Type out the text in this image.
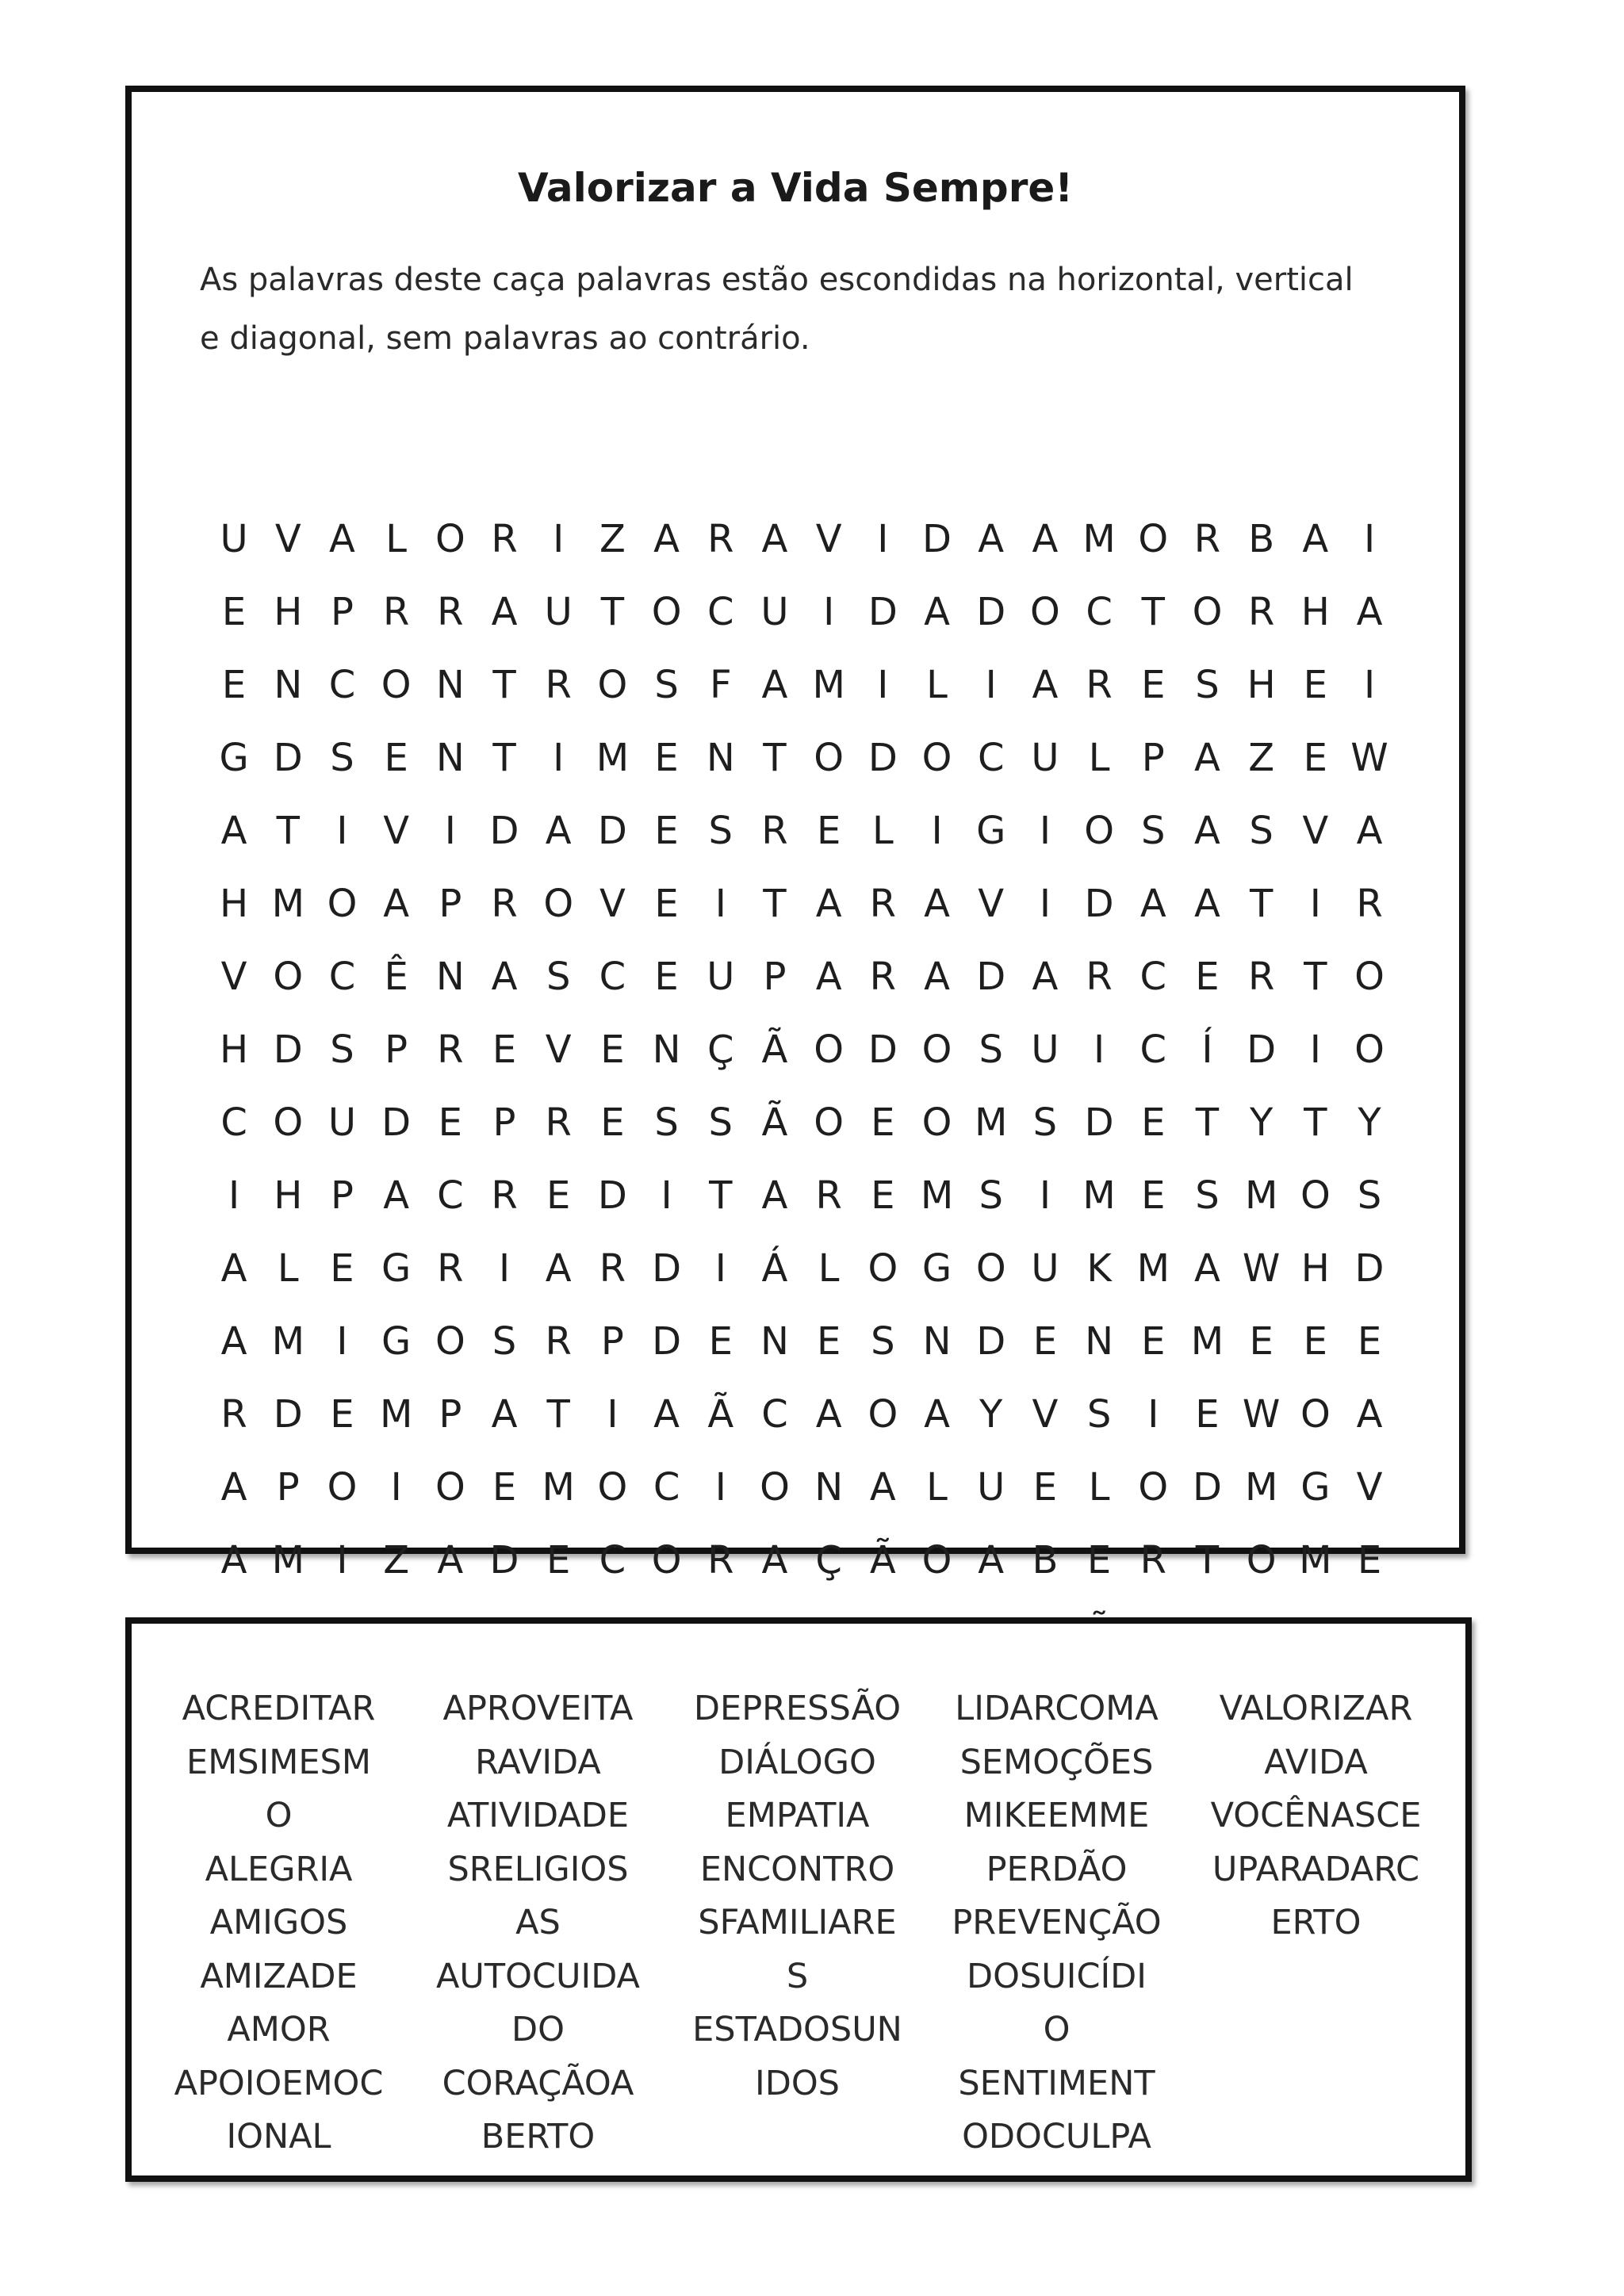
Valorizar a Vida Sempre!
As palavras deste caça palavras estão escondidas na horizontal, vertical e diagonal, sem palavras ao contrário.
U V A L O R I Z A R A V I D A A M O R B A I
E H P R R A U T O C U I D A D O C T O R H A
E N C O N T R O S F A M I L I A R E S H E I
G D S E N T I M E N T O D O C U L P A Z E W
A T I V I D A D E S R E L I G I O S A S V A
H M O A P R O V E I T A R A V I D A A T I R
V O C Ê N A S C E U P A R A D A R C E R T O
H D S P R E V E N Ç Ã O D O S U I C Í D I O
C O U D E P R E S S Ã O E O M S D E T Y T Y
I H P A C R E D I T A R E M S I M E S M O S
A L E G R I A R D I Á L O G O U K M A W H D
A M I G O S R P D E N E S N D E N E M E E E
R D E M P A T I A Ã C A O A Y V S I E W O A
A P O I O E M O C I O N A L U E L O D M G V
A M I Z A D E C O R A Ç Ã O A B E R T O M E
ACREDITAR
EMSIMESM
O
ALEGRIA
AMIGOS
AMIZADE
AMOR
APOIOEMOC
IONAL
APROVEITA
RAVIDA
ATIVIDADE
SRELIGIOS
AS
AUTOCUIDA
DO
CORAÇÃOA
BERTO
DEPRESSÃO
DIÁLOGO
EMPATIA
ENCONTRO
SFAMILIARE
S
ESTADOSUN
IDOS
LIDARCOMA
SEMOÇÕES
MIKEEMME
PERDÃO
PREVENÇÃO
DOSUICÍDI
O
SENTIMENT
ODOCULPA
VALORIZAR
AVIDA
VOCÊNASCE
UPARADARC
ERTO
